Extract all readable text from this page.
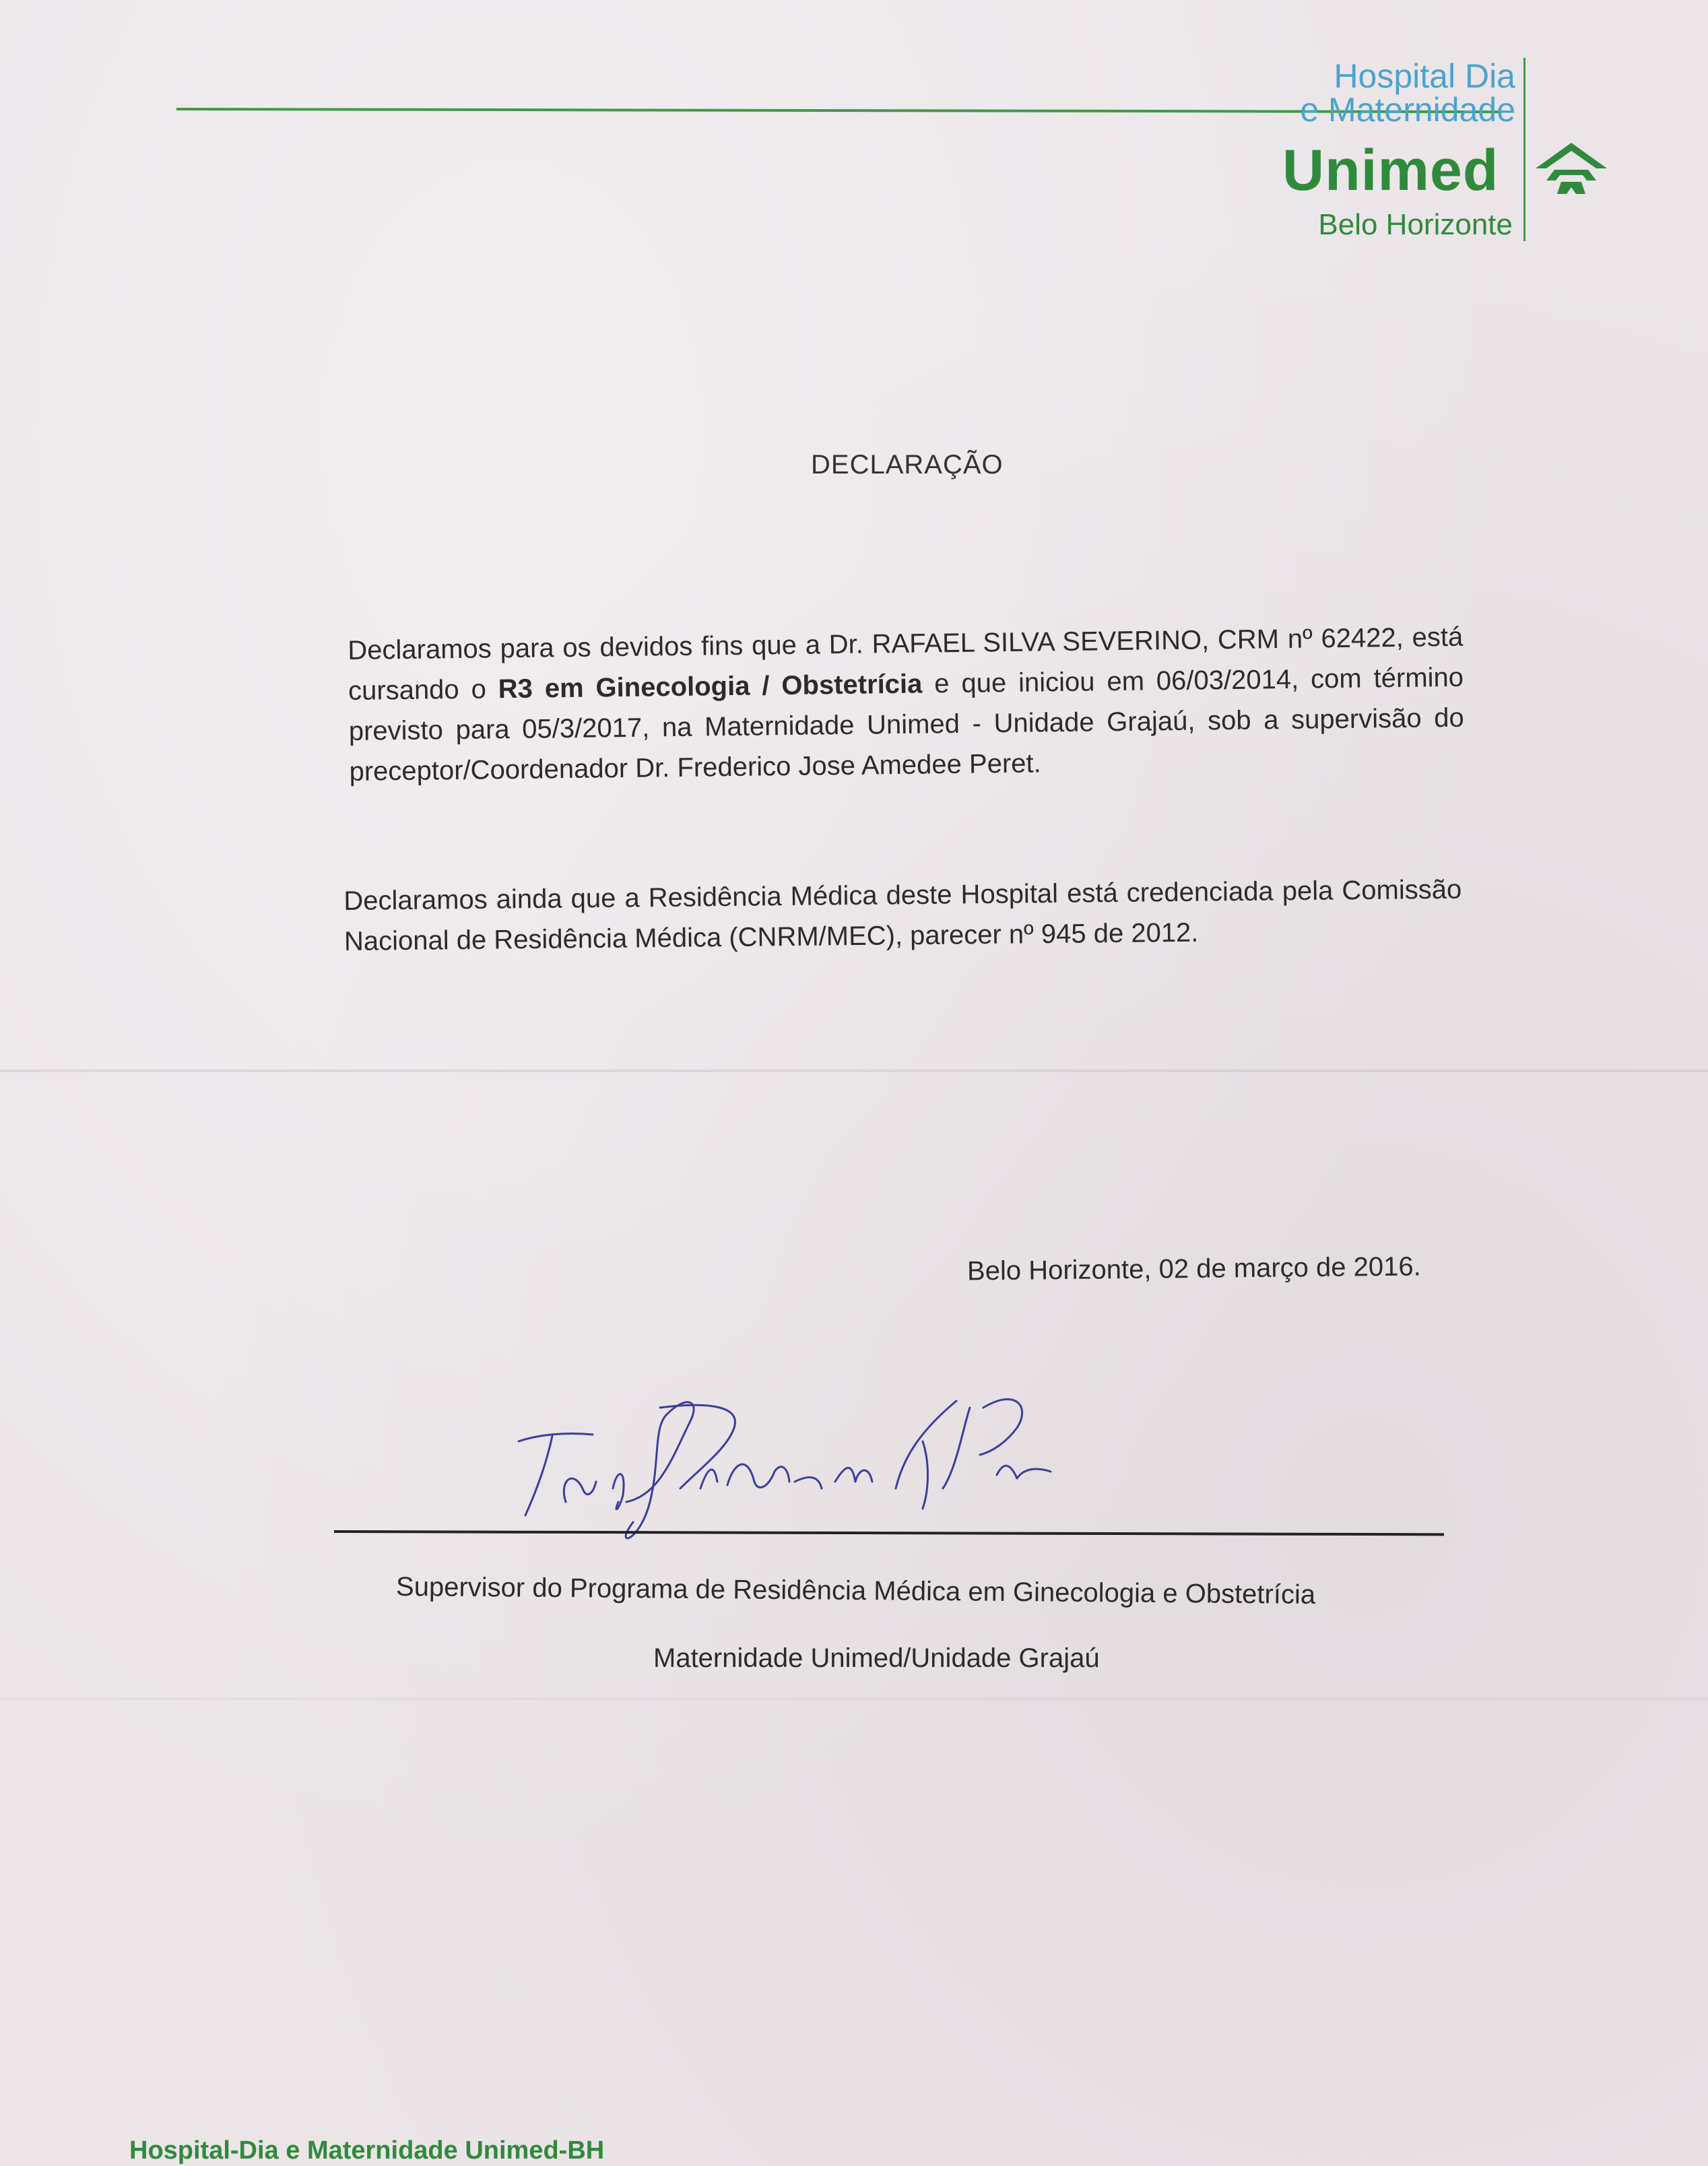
Hospital Dia
e Maternidade
Unimed
Belo Horizonte
DECLARAÇÃO
Declaramos para os devidos fins que a Dr. RAFAEL SILVA SEVERINO, CRM nº 62422, está cursando o R3 em Ginecologia / Obstetrícia e que iniciou em 06/03/2014, com término previsto para 05/3/2017, na Maternidade Unimed - Unidade Grajaú, sob a supervisão do preceptor/Coordenador Dr. Frederico Jose Amedee Peret.
Declaramos ainda que a Residência Médica deste Hospital está credenciada pela Comissão Nacional de Residência Médica (CNRM/MEC), parecer nº 945 de 2012.
Belo Horizonte, 02 de março de 2016.
Supervisor do Programa de Residência Médica em Ginecologia e Obstetrícia
Maternidade Unimed/Unidade Grajaú
Hospital-Dia e Maternidade Unimed-BH
